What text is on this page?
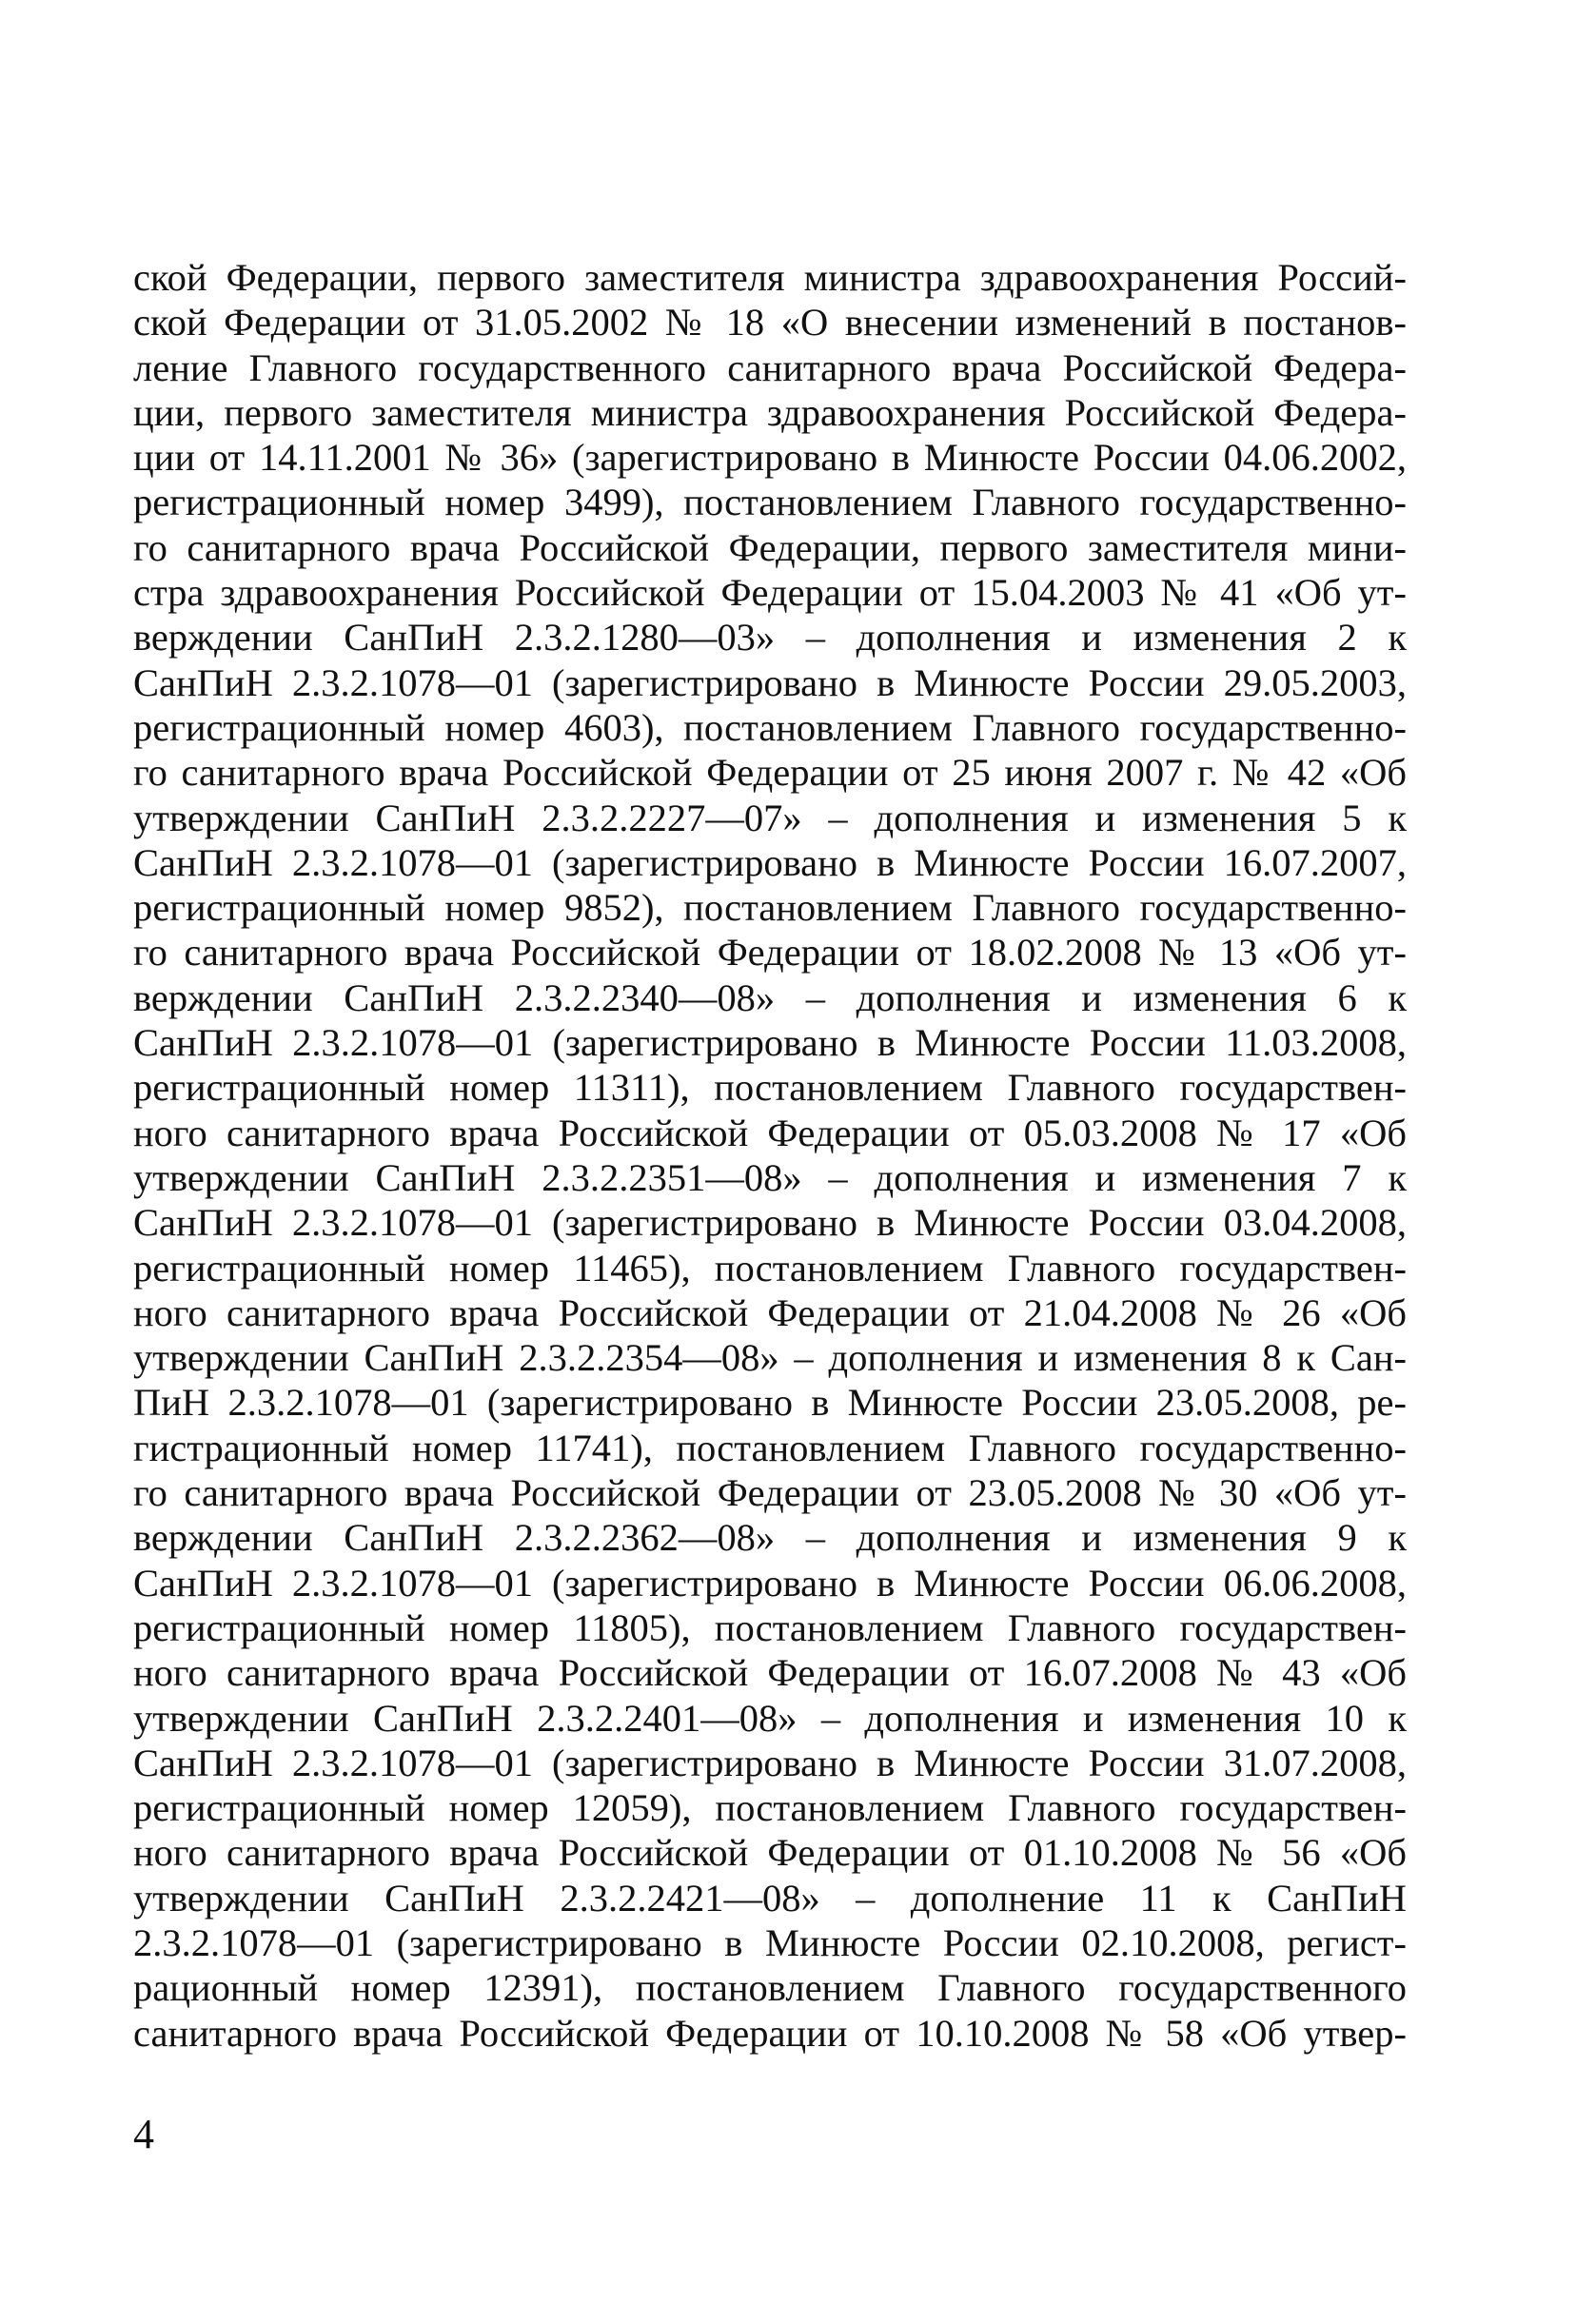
ской Федерации, первого заместителя министра здравоохранения Россий-
ской Федерации от 31.05.2002 № 18 «О внесении изменений в постанов-
ление Главного государственного санитарного врача Российской Федера-
ции, первого заместителя министра здравоохранения Российской Федера-
ции от 14.11.2001 № 36» (зарегистрировано в Минюсте России 04.06.2002,
регистрационный номер 3499), постановлением Главного государственно-
го санитарного врача Российской Федерации, первого заместителя мини-
стра здравоохранения Российской Федерации от 15.04.2003 № 41 «Об ут-
верждении СанПиН 2.3.2.1280—03» – дополнения и изменения 2 к
СанПиН 2.3.2.1078—01 (зарегистрировано в Минюсте России 29.05.2003,
регистрационный номер 4603), постановлением Главного государственно-
го санитарного врача Российской Федерации от 25 июня 2007 г. № 42 «Об
утверждении СанПиН 2.3.2.2227—07» – дополнения и изменения 5 к
СанПиН 2.3.2.1078—01 (зарегистрировано в Минюсте России 16.07.2007,
регистрационный номер 9852), постановлением Главного государственно-
го санитарного врача Российской Федерации от 18.02.2008 № 13 «Об ут-
верждении СанПиН 2.3.2.2340—08» – дополнения и изменения 6 к
СанПиН 2.3.2.1078—01 (зарегистрировано в Минюсте России 11.03.2008,
регистрационный номер 11311), постановлением Главного государствен-
ного санитарного врача Российской Федерации от 05.03.2008 № 17 «Об
утверждении СанПиН 2.3.2.2351—08» – дополнения и изменения 7 к
СанПиН 2.3.2.1078—01 (зарегистрировано в Минюсте России 03.04.2008,
регистрационный номер 11465), постановлением Главного государствен-
ного санитарного врача Российской Федерации от 21.04.2008 № 26 «Об
утверждении СанПиН 2.3.2.2354—08» – дополнения и изменения 8 к Сан-
ПиН 2.3.2.1078—01 (зарегистрировано в Минюсте России 23.05.2008, ре-
гистрационный номер 11741), постановлением Главного государственно-
го санитарного врача Российской Федерации от 23.05.2008 № 30 «Об ут-
верждении СанПиН 2.3.2.2362—08» – дополнения и изменения 9 к
СанПиН 2.3.2.1078—01 (зарегистрировано в Минюсте России 06.06.2008,
регистрационный номер 11805), постановлением Главного государствен-
ного санитарного врача Российской Федерации от 16.07.2008 № 43 «Об
утверждении СанПиН 2.3.2.2401—08» – дополнения и изменения 10 к
СанПиН 2.3.2.1078—01 (зарегистрировано в Минюсте России 31.07.2008,
регистрационный номер 12059), постановлением Главного государствен-
ного санитарного врача Российской Федерации от 01.10.2008 № 56 «Об
утверждении СанПиН 2.3.2.2421—08» – дополнение 11 к СанПиН
2.3.2.1078—01 (зарегистрировано в Минюсте России 02.10.2008, регист-
рационный номер 12391), постановлением Главного государственного
санитарного врача Российской Федерации от 10.10.2008 № 58 «Об утвер-

4
